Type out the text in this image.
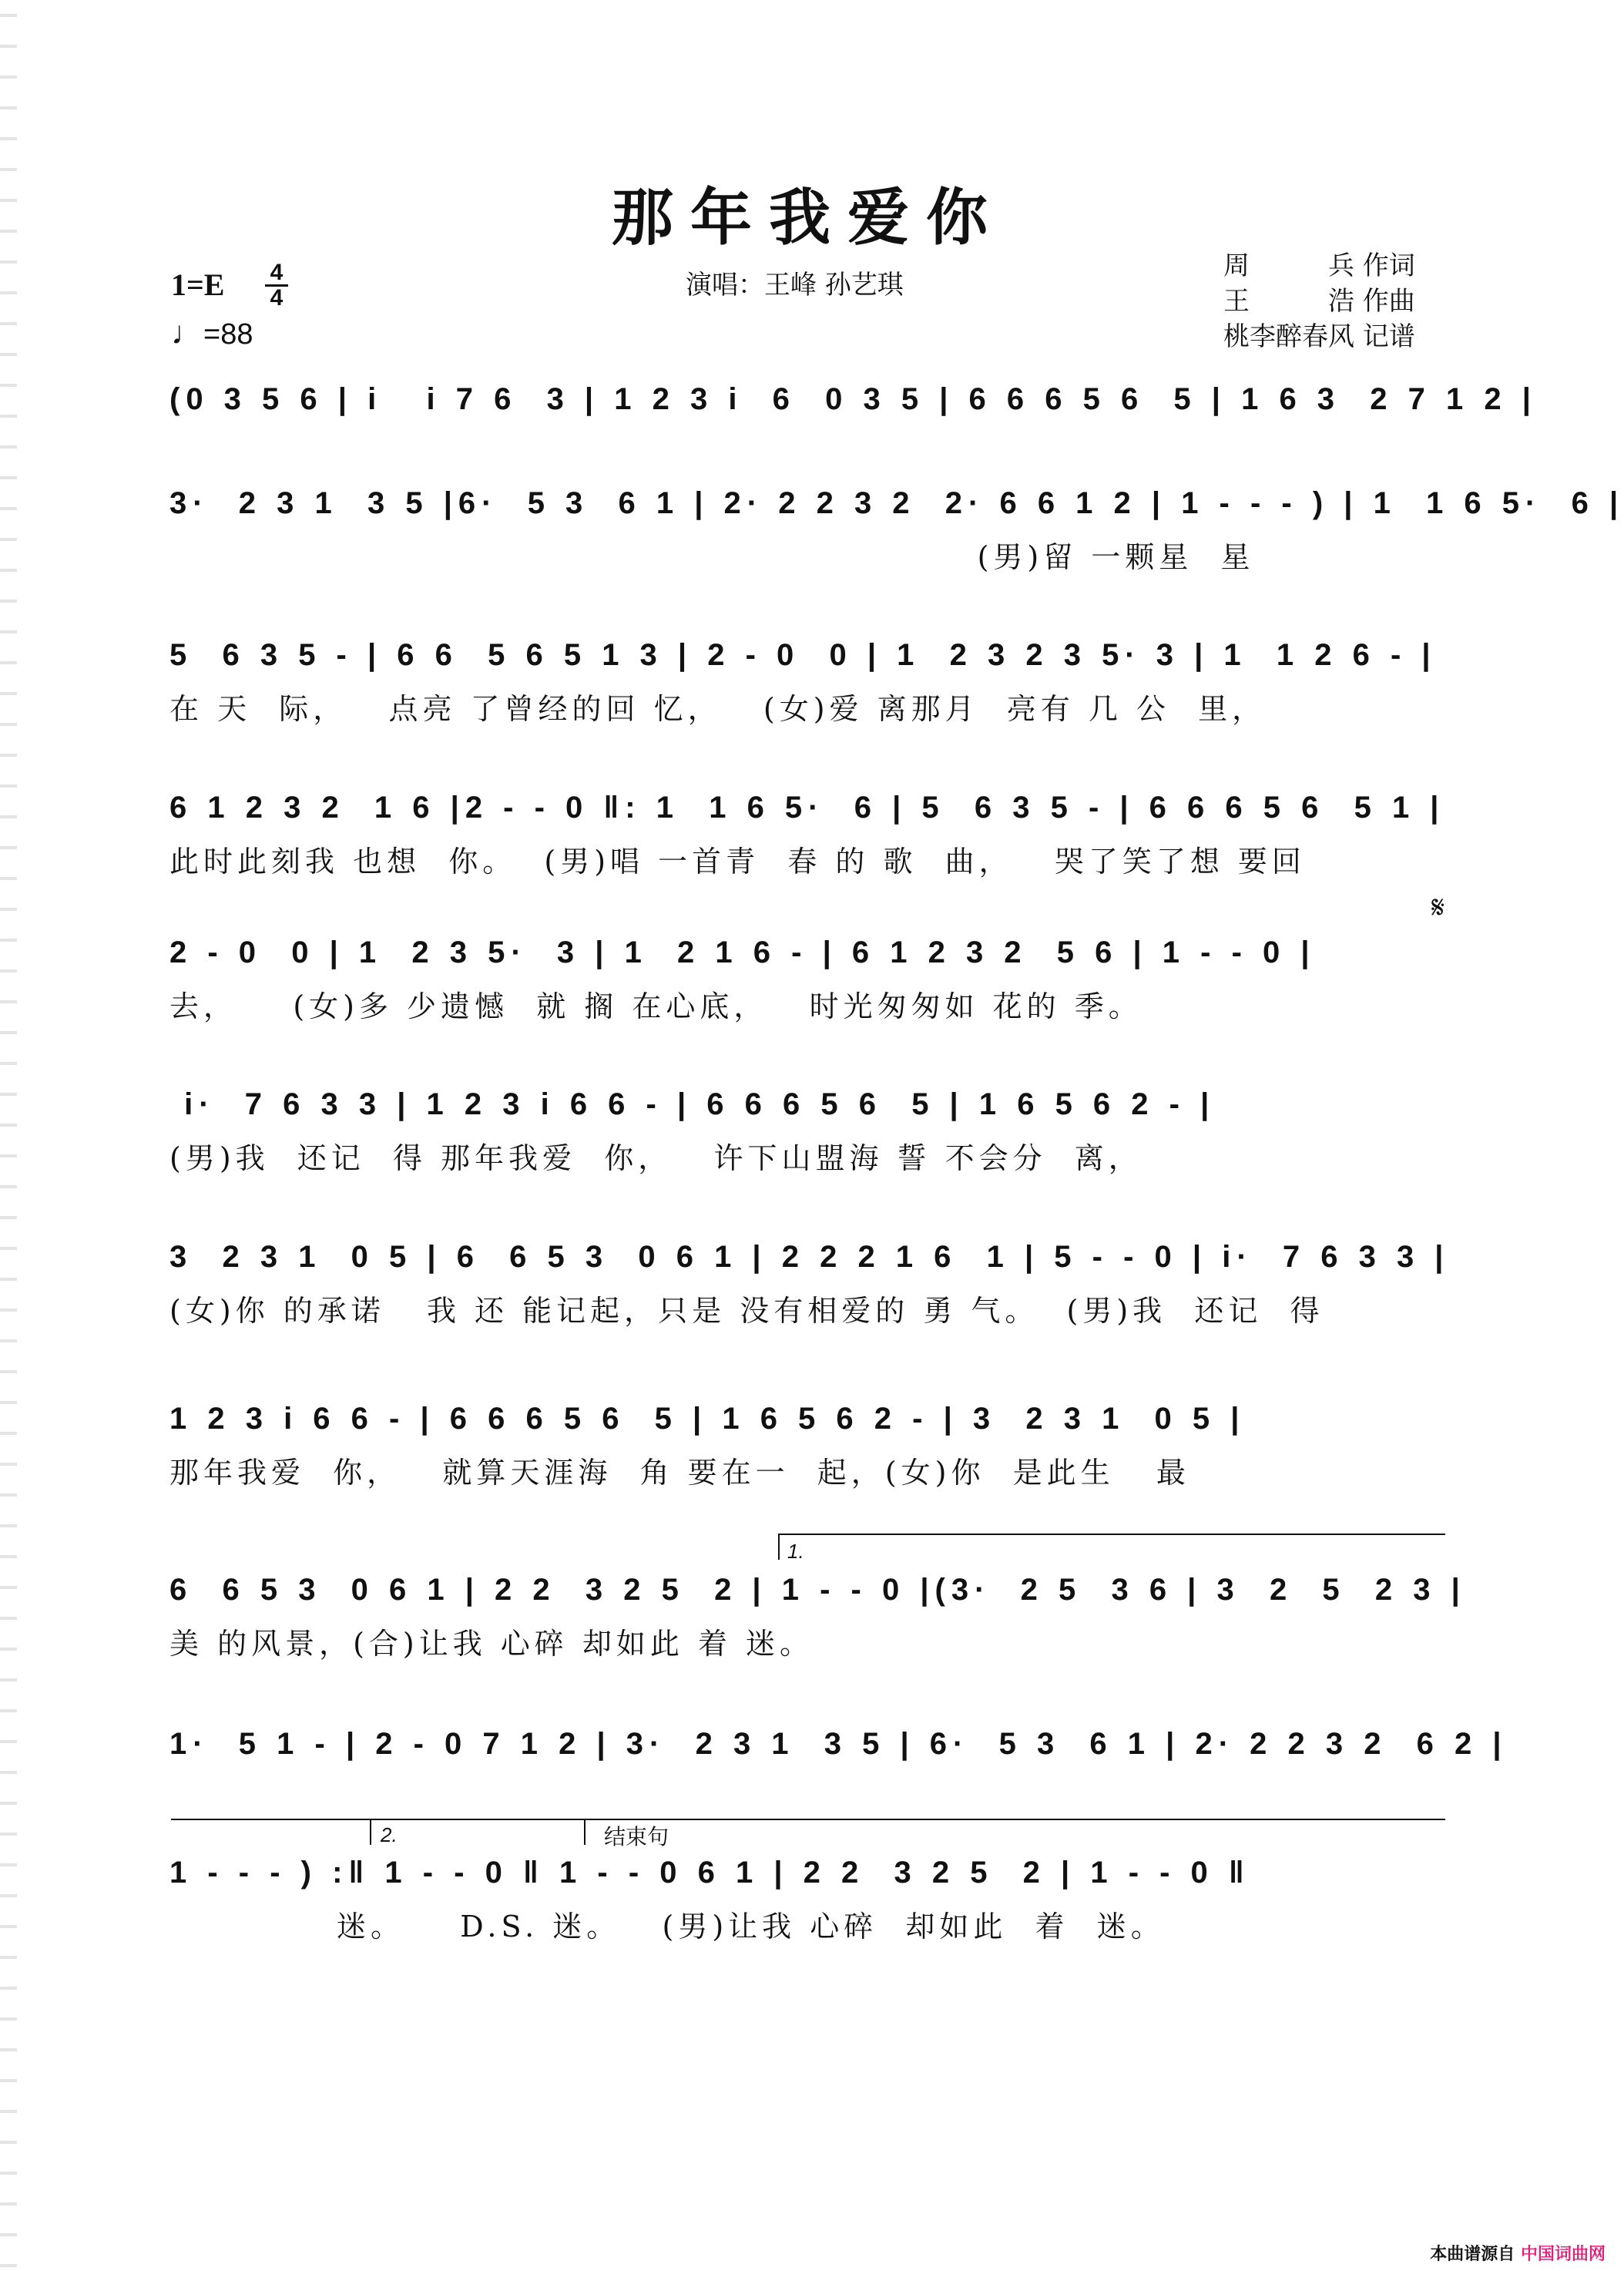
那年我爱你
演唱：王峰 孙艺琪
周　　　兵 作词
王　　　浩 作曲
桃李醉春风 记谱
1=E 4
4
♩=88
𝄋
(0 3 5 6 | i   i 7 6  3 | 1 2 3 i  6  0 3 5 | 6 6 6 5 6  5 | 1 6 3  2 7 1 2 |
3·  2 3 1  3 5 |6·  5 3  6 1 | 2· 2 2 3 2  2· 6 6 1 2 | 1 - - - ) | 1  1 6 5·  6 |
(男)留 一颗星  星
5  6 3 5 - | 6 6  5 6 5 1 3 | 2 - 0  0 | 1  2 3 2 3 5· 3 | 1  1 2 6 - |
在 天  际，   点亮 了曾经的回 忆，   (女)爱 离那月  亮有 几 公  里，
6 1 2 3 2  1 6 |2 - - 0 ‖: 1  1 6 5·  6 | 5  6 3 5 - | 6 6 6 5 6  5 1 |
此时此刻我 也想  你。  (男)唱 一首青  春 的 歌  曲，   哭了笑了想 要回
2 - 0  0 | 1  2 3 5·  3 | 1  2 1 6 - | 6 1 2 3 2  5 6 | 1 - - 0 |
去，    (女)多 少遗憾  就 搁 在心底，   时光匆匆如 花的 季。
i·  7 6 3 3 | 1 2 3 i 6 6 - | 6 6 6 5 6  5 | 1 6 5 6 2 - |
(男)我  还记  得 那年我爱  你，   许下山盟海 誓 不会分  离，
3  2 3 1  0 5 | 6  6 5 3  0 6 1 | 2 2 2 1 6  1 | 5 - - 0 | i·  7 6 3 3 |
(女)你 的承诺   我 还 能记起，只是 没有相爱的 勇 气。  (男)我  还记  得
1 2 3 i 6 6 - | 6 6 6 5 6  5 | 1 6 5 6 2 - | 3  2 3 1  0 5 |
那年我爱  你，   就算天涯海  角 要在一  起，(女)你  是此生   最
1.
6  6 5 3  0 6 1 | 2 2  3 2 5  2 | 1 - - 0 |(3·  2 5  3 6 | 3  2  5  2 3 |
美 的风景，(合)让我 心碎 却如此 着 迷。
1·  5 1 - | 2 - 0 7 1 2 | 3·  2 3 1  3 5 | 6·  5 3  6 1 | 2· 2 2 3 2  6 2 |
2.	结束句
1 - - - ) :‖ 1 - - 0 ‖ 1 - - 0 6 1 | 2 2  3 2 5  2 | 1 - - 0 ‖
迷。    D.S. 迷。   (男)让我 心碎  却如此  着  迷。
本曲谱源自 中国词曲网
